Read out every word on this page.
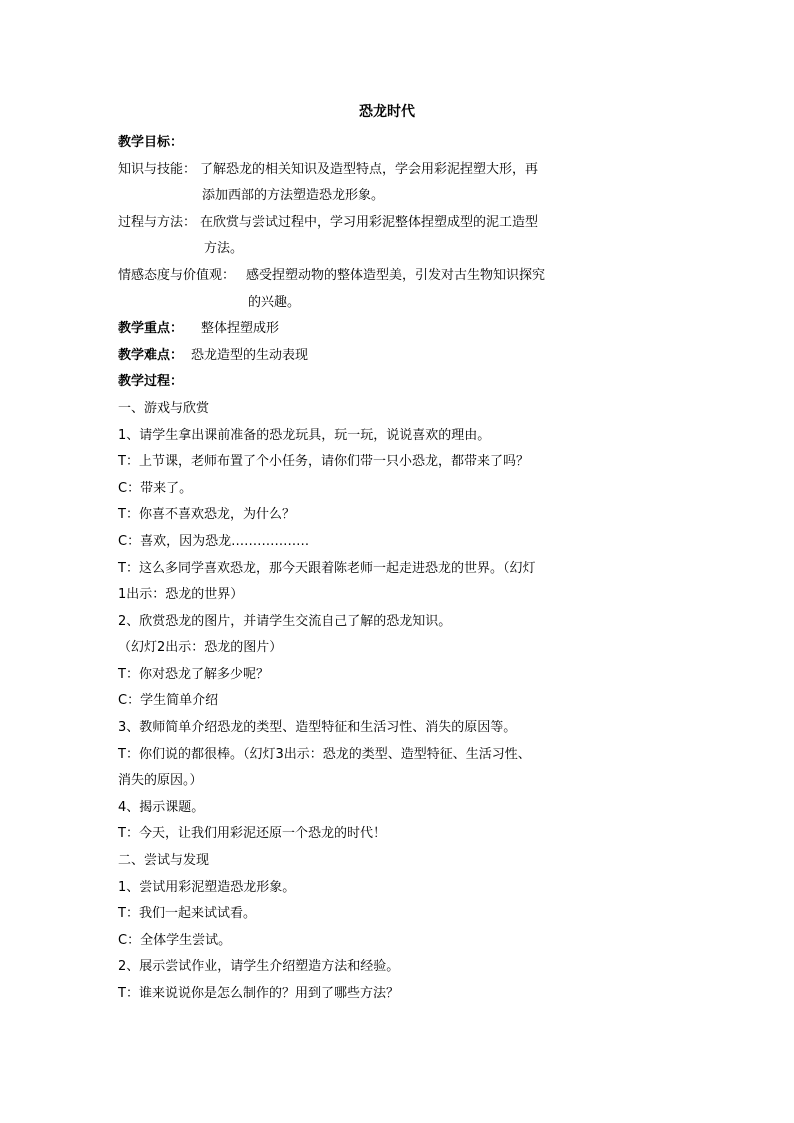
恐龙时代
教学目标：
知识与技能： 了解恐龙的相关知识及造型特点，学会用彩泥捏塑大形，再
添加西部的方法塑造恐龙形象。
过程与方法： 在欣赏与尝试过程中，学习用彩泥整体捏塑成型的泥工造型
方法。
情感态度与价值观： 感受捏塑动物的整体造型美，引发对古生物知识探究
的兴趣。
教学重点： 整体捏塑成形
教学难点： 恐龙造型的生动表现
教学过程：
一、游戏与欣赏
1、请学生拿出课前准备的恐龙玩具，玩一玩，说说喜欢的理由。
T：上节课，老师布置了个小任务，请你们带一只小恐龙，都带来了吗？
C：带来了。
T：你喜不喜欢恐龙，为什么？
C：喜欢，因为恐龙………………
T：这么多同学喜欢恐龙，那今天跟着陈老师一起走进恐龙的世界。（幻灯
1出示：恐龙的世界）
2、欣赏恐龙的图片，并请学生交流自己了解的恐龙知识。
（幻灯2出示：恐龙的图片）
T：你对恐龙了解多少呢？
C：学生简单介绍
3、教师简单介绍恐龙的类型、造型特征和生活习性、消失的原因等。
T：你们说的都很棒。（幻灯3出示：恐龙的类型、造型特征、生活习性、
消失的原因。）
4、揭示课题。
T：今天，让我们用彩泥还原一个恐龙的时代！
二、尝试与发现
1、尝试用彩泥塑造恐龙形象。
T：我们一起来试试看。
C：全体学生尝试。
2、展示尝试作业，请学生介绍塑造方法和经验。
T：谁来说说你是怎么制作的？用到了哪些方法？
